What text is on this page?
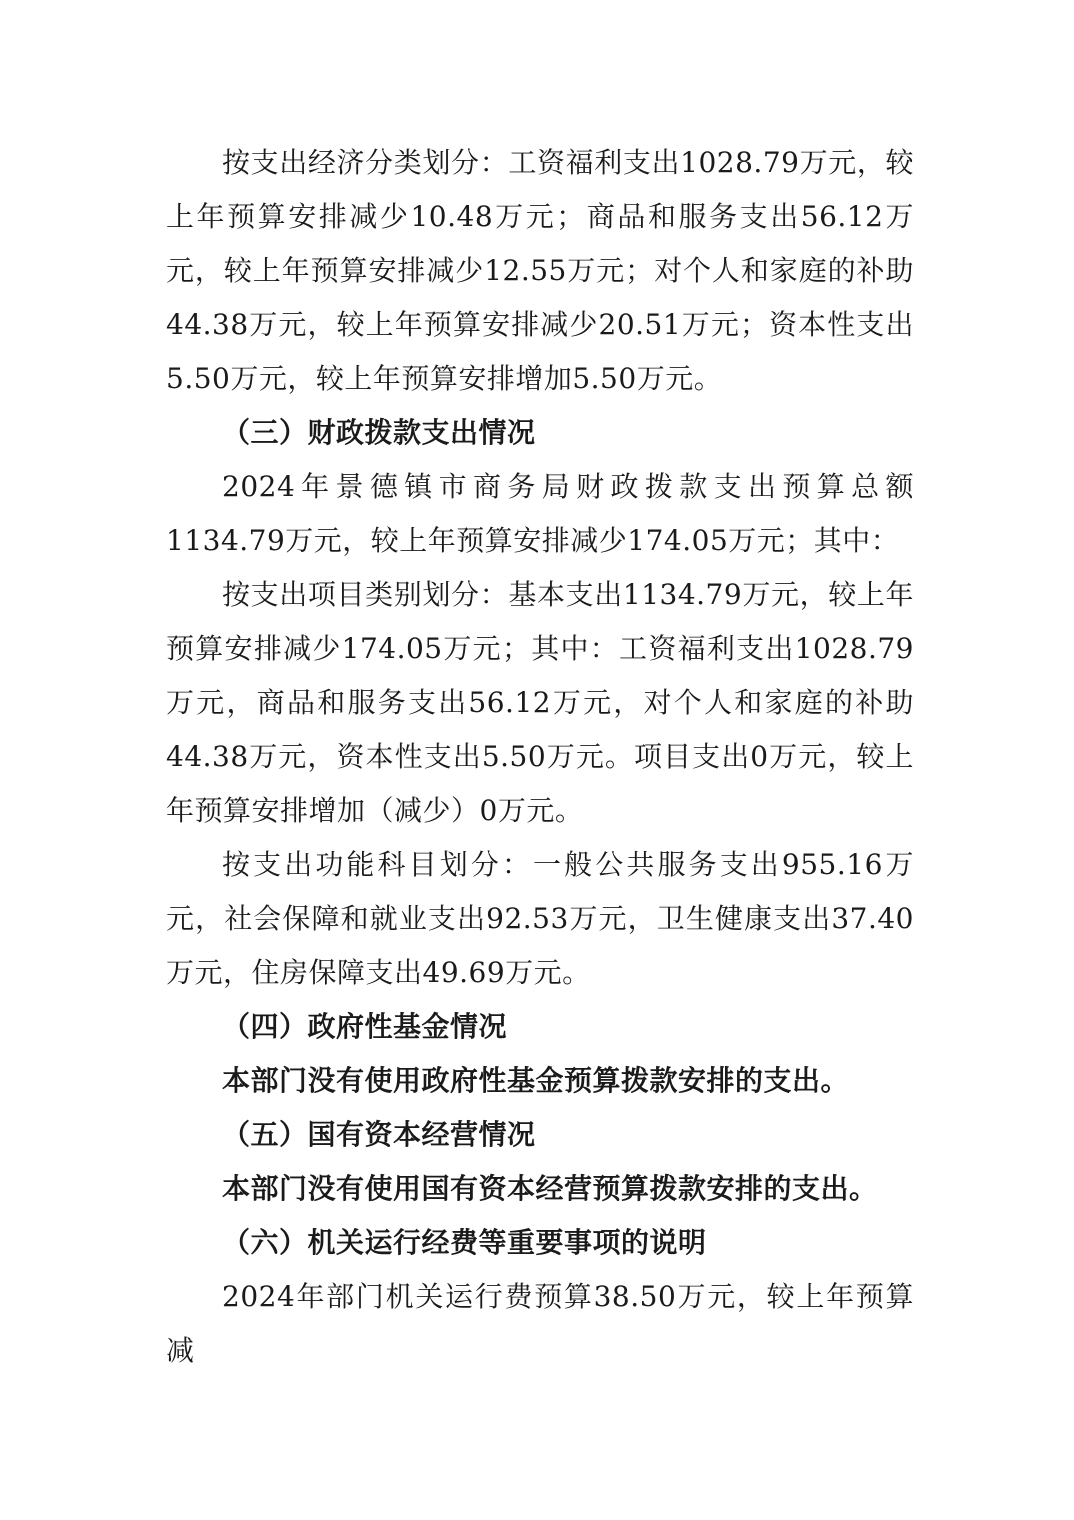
按支出经济分类划分：工资福利支出1028.79万元，较上年预算安排减少10.48万元；商品和服务支出56.12万元，较上年预算安排减少12.55万元；对个人和家庭的补助44.38万元，较上年预算安排减少20.51万元；资本性支出5.50万元，较上年预算安排增加5.50万元。

（三）财政拨款支出情况

2024年景德镇市商务局财政拨款支出预算总额1134.79万元，较上年预算安排减少174.05万元；其中：

按支出项目类别划分：基本支出1134.79万元，较上年预算安排减少174.05万元；其中：工资福利支出1028.79万元，商品和服务支出56.12万元，对个人和家庭的补助44.38万元，资本性支出5.50万元。项目支出0万元，较上年预算安排增加（减少）0万元。

按支出功能科目划分：一般公共服务支出955.16万元，社会保障和就业支出92.53万元，卫生健康支出37.40万元，住房保障支出49.69万元。

（四）政府性基金情况

本部门没有使用政府性基金预算拨款安排的支出。

（五）国有资本经营情况

本部门没有使用国有资本经营预算拨款安排的支出。

（六）机关运行经费等重要事项的说明

2024年部门机关运行费预算38.50万元，较上年预算减
